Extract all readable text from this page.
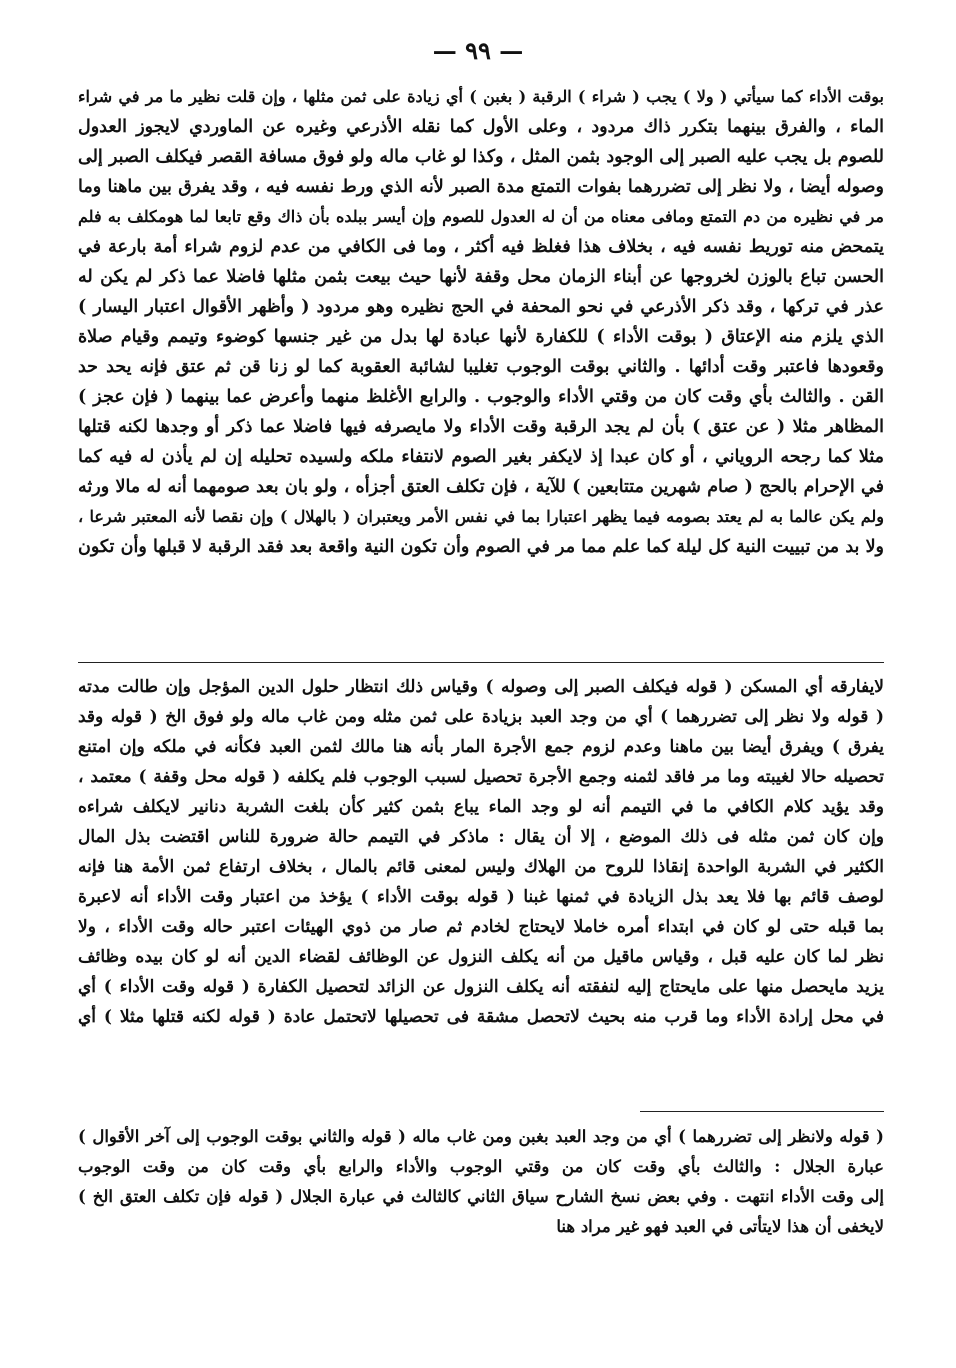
— ٩٩ —
بوقت الأداء كما سيأتي ( ولا ) يجب ( شراء ) الرقبة ( بغبن ) أي زيادة على ثمن مثلها ، وإن قلت نظير ما مر في شراء
الماء ، والفرق بينهما بتكرر ذاك مردود ، وعلى الأول كما نقله الأذرعي وغيره عن الماوردي لايجوز العدول
للصوم بل يجب عليه الصبر إلى الوجود بثمن المثل ، وكذا لو غاب ماله ولو فوق مسافة القصر فيكلف الصبر إلى
وصوله أيضا ، ولا نظر إلى تضررهما بفوات التمتع مدة الصبر لأنه الذي ورط نفسه فيه ، وقد يفرق بين ماهنا وما
مر في نظيره من دم التمتع ومافى معناه من أن له العدول للصوم وإن أيسر ببلده بأن ذاك وقع تابعا لما هومكلف به فلم
يتمحض منه توريط نفسه فيه ، بخلاف هذا فغلظ فيه أكثر ، وما فى الكافي من عدم لزوم شراء أمة بارعة في
الحسن تباع بالوزن لخروجها عن أبناء الزمان محل وقفة لأنها حيث بيعت بثمن مثلها فاضلا عما ذكر لم يكن له
عذر في تركها ، وقد ذكر الأذرعي في نحو المحفة في الحج نظيره وهو مردود ( وأظهر الأقوال اعتبار اليسار )
الذي يلزم منه الإعتاق ( بوقت الأداء ) للكفارة لأنها عبادة لها بدل من غير جنسها كوضوء وتيمم وقيام صلاة
وقعودها فاعتبر وقت أدائها . والثاني بوقت الوجوب تغليبا لشائبة العقوبة كما لو زنا قن ثم عتق فإنه يحد حد
القن . والثالث بأي وقت كان من وقتي الأداء والوجوب . والرابع الأغلظ منهما وأعرض عما بينهما ( فإن عجز )
المظاهر مثلا ( عن عتق ) بأن لم يجد الرقبة وقت الأداء ولا مايصرفه فيها فاضلا عما ذكر أو وجدها لكنه قتلها
مثلا كما رجحه الروياني ، أو كان عبدا إذ لايكفر بغير الصوم لانتفاء ملكه ولسيده تحليله إن لم يأذن له فيه كما
في الإحرام بالحج ( صام شهرين متتابعين ) للآية ، فإن تكلف العتق أجزأه ، ولو بان بعد صومهما أنه له مالا ورثه
ولم يكن عالما به لم يعتد بصومه فيما يظهر اعتبارا بما في نفس الأمر ويعتبران ( بالهلال ) وإن نقصا لأنه المعتبر شرعا ،
ولا بد من تبييت النية كل ليلة كما علم مما مر في الصوم وأن تكون النية واقعة بعد فقد الرقبة لا قبلها وأن تكون
لايفارقه أي المسكن ( قوله فيكلف الصبر إلى وصوله ) وقياس ذلك انتظار حلول الدين المؤجل وإن طالت مدته
( قوله ولا نظر إلى تضررهما ) أي من وجد العبد بزيادة على ثمن مثله ومن غاب ماله ولو فوق الخ ( قوله وقد
يفرق ) ويفرق أيضا بين ماهنا وعدم لزوم جمع الأجرة المار بأنه هنا مالك لثمن العبد فكأنه في ملكه وإن امتنع
تحصيله حالا لغيبته وما مر فاقد لثمنه وجمع الأجرة تحصيل لسبب الوجوب فلم يكلفه ( قوله محل وقفة ) معتمد ،
وقد يؤيد كلام الكافي ما في التيمم أنه لو وجد الماء يباع بثمن كثير كأن بلغت الشربة دنانير لايكلف شراءه
وإن كان ثمن مثله فى ذلك الموضع ، إلا أن يقال : ماذكر في التيمم حالة ضرورة للناس اقتضت بذل المال
الكثير في الشربة الواحدة إنقاذا للروح من الهلاك وليس لمعنى قائم بالمال ، بخلاف ارتفاع ثمن الأمة هنا فإنه
لوصف قائم بها فلا يعد بذل الزيادة في ثمنها غبنا ( قوله بوقت الأداء ) يؤخذ من اعتبار وقت الأداء أنه لاعبرة
بما قبله حتى لو كان في ابتداء أمره خاملا لايحتاج لخادم ثم صار من ذوي الهيئات اعتبر حاله وقت الأداء ، ولا
نظر لما كان عليه قبل ، وقياس ماقيل من أنه يكلف النزول عن الوظائف لقضاء الدين أنه لو كان بيده وظائف
يزيد مايحصل منها على مايحتاج إليه لنفقته أنه يكلف النزول عن الزائد لتحصيل الكفارة ( قوله وقت الأداء ) أي
في محل إرادة الأداء وما قرب منه بحيث لاتحصل مشقة فى تحصيلها لاتحتمل عادة ( قوله لكنه قتلها مثلا ) أي
( قوله ولانظر إلى تضررهما ) أي من وجد العبد بغبن ومن غاب ماله ( قوله والثاني بوقت الوجوب إلى آخر الأقوال )
عبارة الجلال : والثالث بأي وقت كان من وقتي الوجوب والأداء والرابع بأي وقت كان من وقت الوجوب
إلى وقت الأداء انتهت . وفي بعض نسخ الشارح سياق الثاني كالثالث في عبارة الجلال ( قوله فإن تكلف العتق الخ )
لايخفى أن هذا لايتأتى في العبد فهو غير مراد هنا
